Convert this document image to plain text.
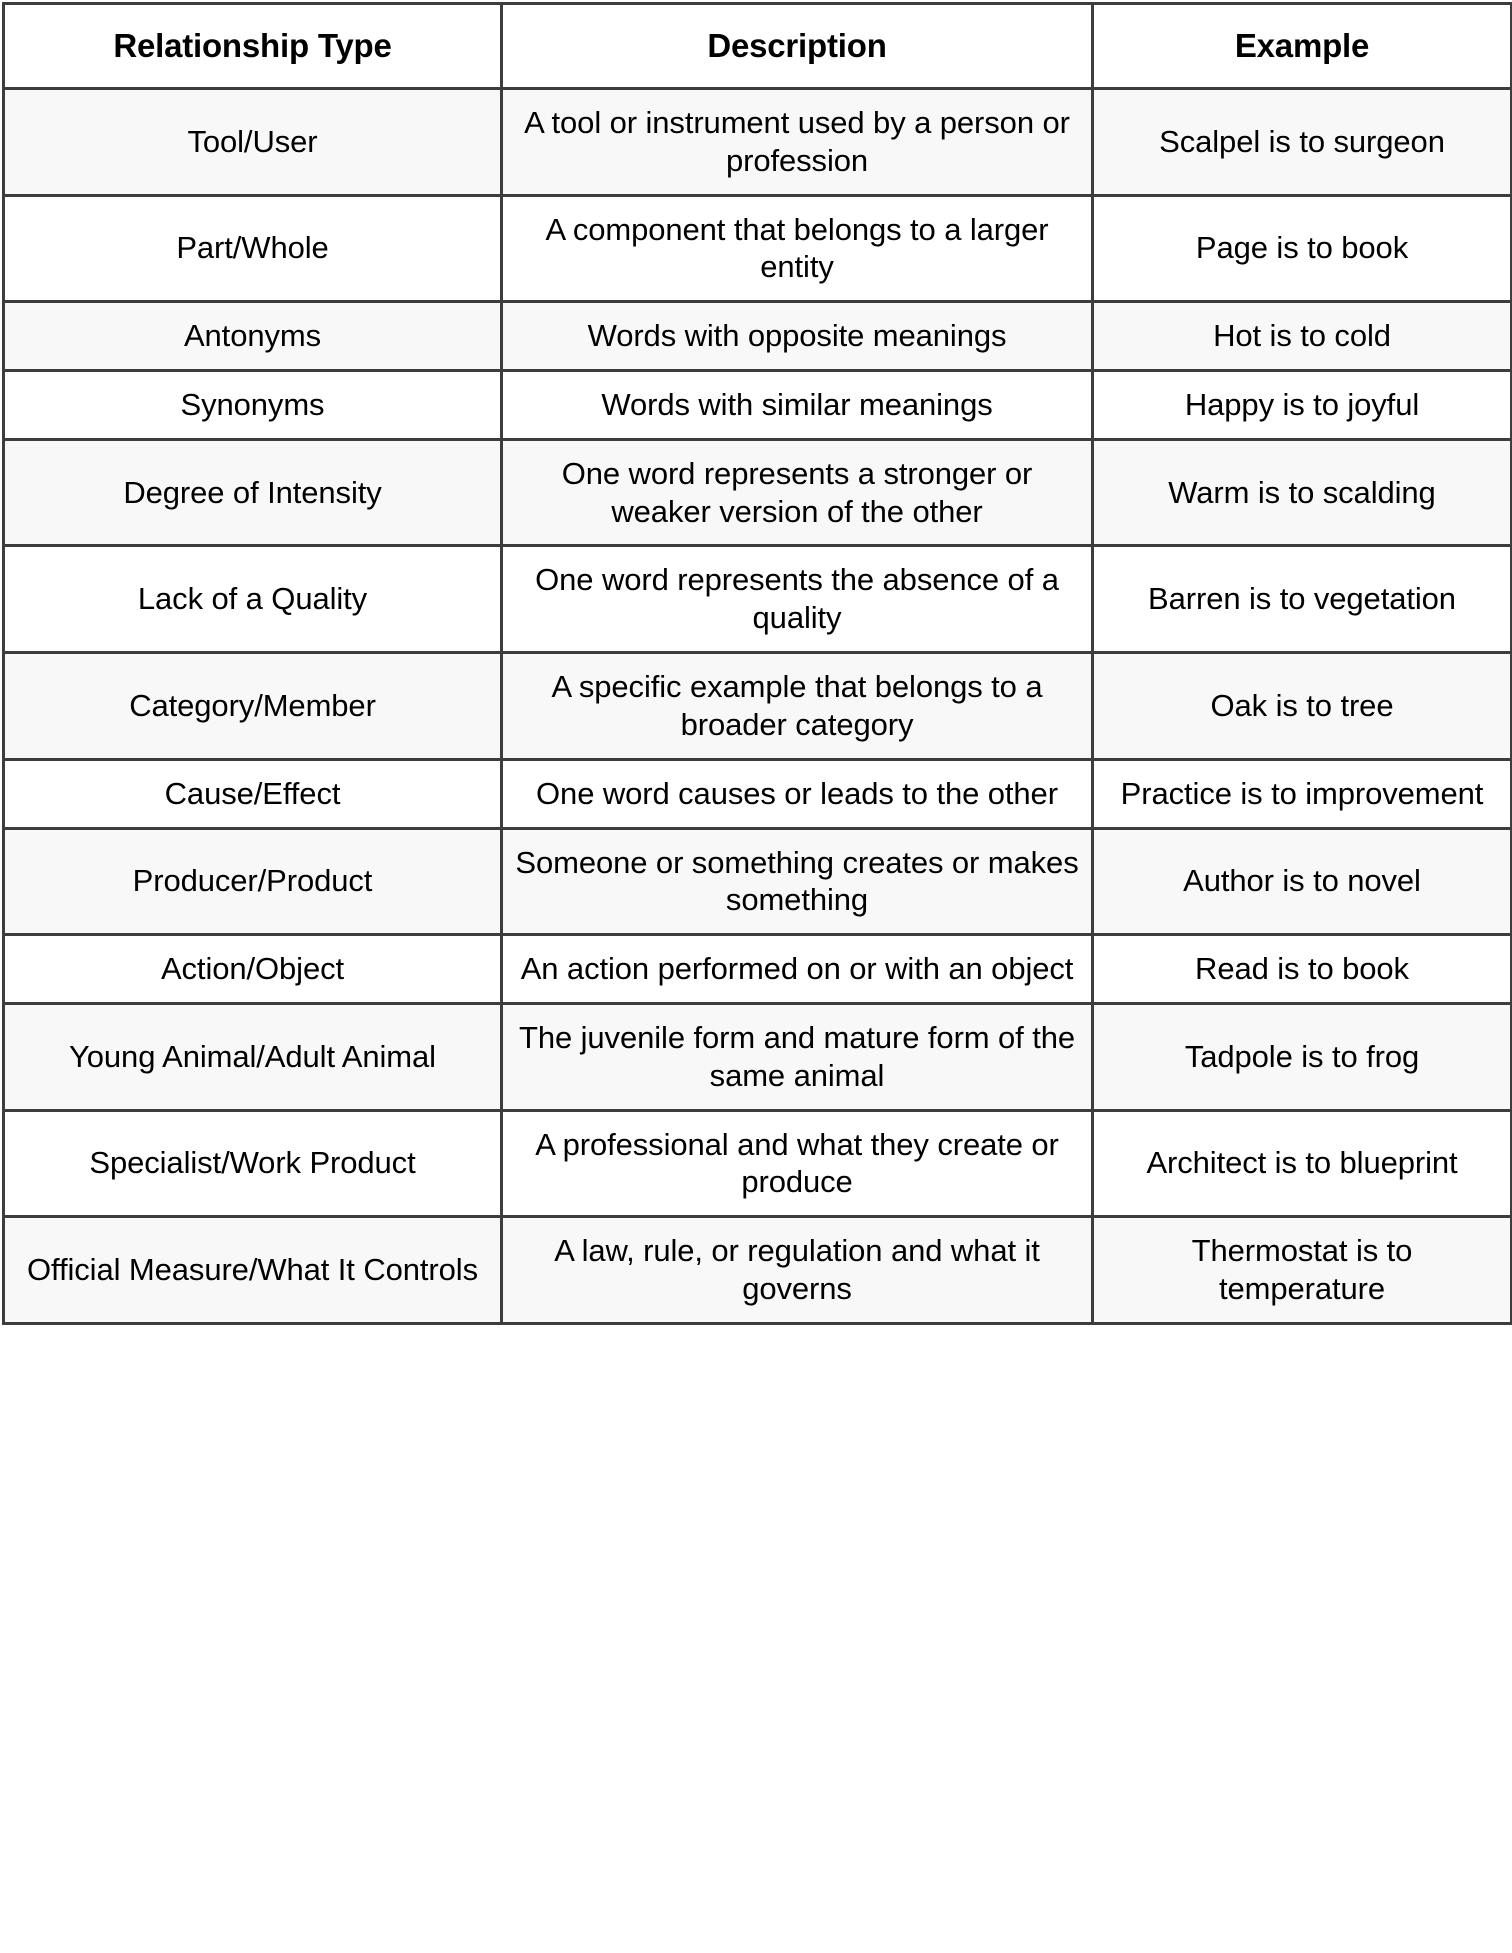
Relationship Type	Description	Example

Tool/User	A tool or instrument used by a person or profession	Scalpel is to surgeon

Part/Whole	A component that belongs to a larger entity	Page is to book

Antonyms	Words with opposite meanings	Hot is to cold

Synonyms	Words with similar meanings	Happy is to joyful

Degree of Intensity	One word represents a stronger or weaker version of the other	Warm is to scalding

Lack of a Quality	One word represents the absence of a quality	Barren is to vegetation

Category/Member	A specific example that belongs to a broader category	Oak is to tree

Cause/Effect	One word causes or leads to the other	Practice is to improvement

Producer/Product	Someone or something creates or makes something	Author is to novel

Action/Object	An action performed on or with an object	Read is to book

Young Animal/Adult Animal	The juvenile form and mature form of the same animal	Tadpole is to frog

Specialist/Work Product	A professional and what they create or produce	Architect is to blueprint

Official Measure/What It Controls	A law, rule, or regulation and what it governs	Thermostat is to temperature
